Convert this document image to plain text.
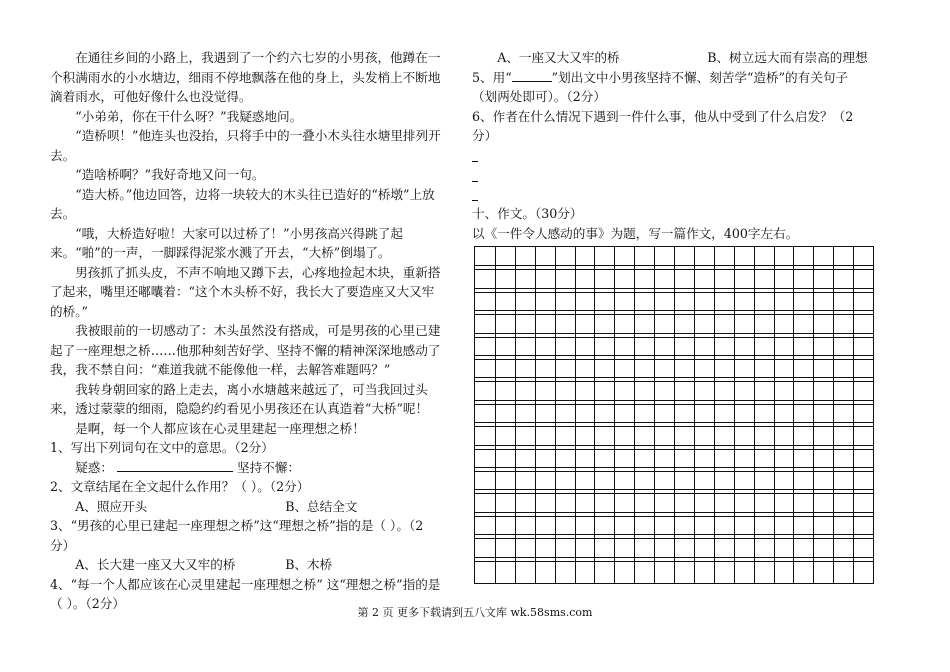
在通往乡间的小路上，我遇到了一个约六七岁的小男孩，他蹲在一个积满雨水的小水塘边，细雨不停地飘落在他的身上，头发梢上不断地滴着雨水，可他好像什么也没觉得。
“小弟弟，你在干什么呀？”我疑惑地问。
“造桥呗！”他连头也没抬，只将手中的一叠小木头往水塘里排列开去。
“造啥桥啊？”我好奇地又问一句。
“造大桥。”他边回答，边将一块较大的木头往已造好的“桥墩”上放去。
“哦，大桥造好啦！大家可以过桥了！”小男孩高兴得跳了起来。“啪”的一声，一脚踩得泥浆水溅了开去，“大桥”倒塌了。
男孩抓了抓头皮，不声不响地又蹲下去，心疼地捡起木块，重新搭了起来，嘴里还嘟囔着：“这个木头桥不好，我长大了要造座又大又牢的桥。”
我被眼前的一切感动了：木头虽然没有搭成，可是男孩的心里已建起了一座理想之桥……他那种刻苦好学、坚持不懈的精神深深地感动了我，我不禁自问：“难道我就不能像他一样，去解答难题吗？”
我转身朝回家的路上走去，离小水塘越来越远了，可当我回过头来，透过蒙蒙的细雨，隐隐约约看见小男孩还在认真造着“大桥”呢！
是啊，每一个人都应该在心灵里建起一座理想之桥！
1、写出下列词句在文中的意思。（2分）
疑惑：	坚持不懈：
2、文章结尾在全文起什么作用？（ ）。（2分）
A、照应开头	B、总结全文
3、“男孩的心里已建起一座理想之桥”这“理想之桥”指的是（ ）。（2分）
A、长大建一座又大又牢的桥	B、木桥
4、“每一个人都应该在心灵里建起一座理想之桥” 这“理想之桥”指的是（ ）。（2分）
A、一座又大又牢的桥	B、树立远大而有崇高的理想
5、用“	”划出文中小男孩坚持不懈、刻苦学“造桥”的有关句子（划两处即可）。（2分）
6、作者在什么情况下遇到一件什么事，他从中受到了什么启发？（2分）
十、作文。（30分）
以《一件令人感动的事》为题，写一篇作文，400字左右。
第 2 页 更多下载请到五八文库 wk.58sms.com
